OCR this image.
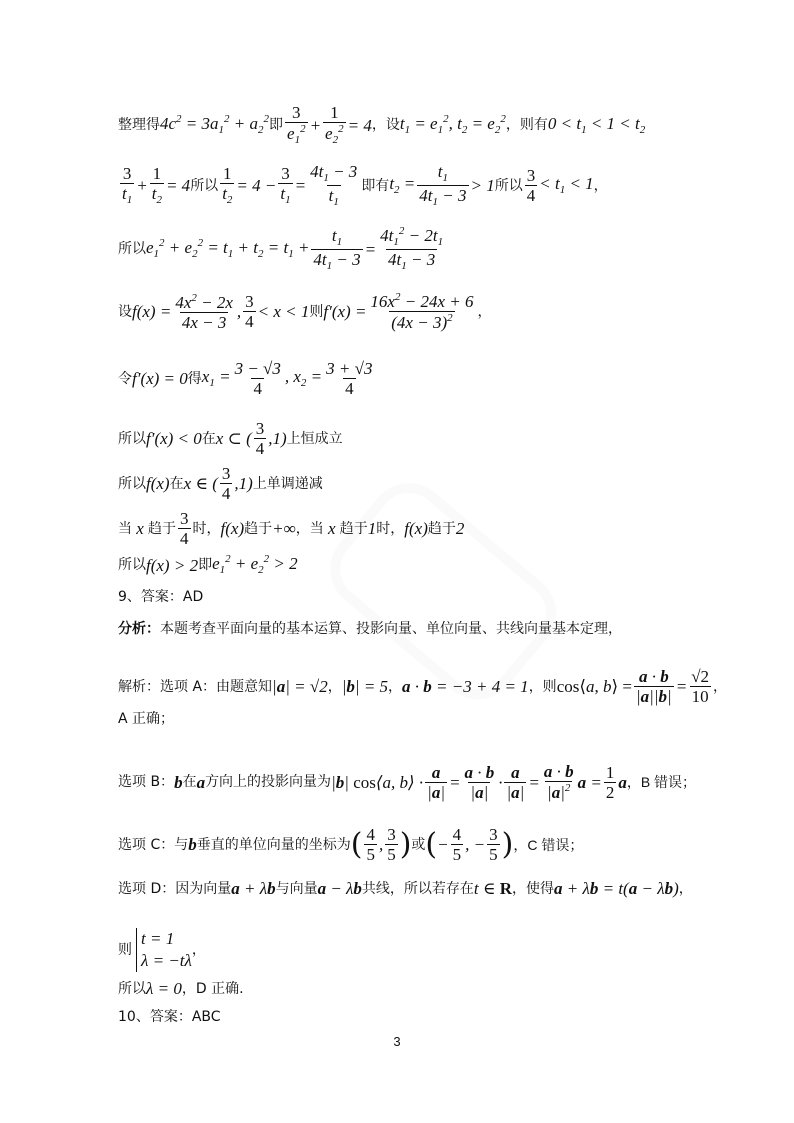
整理得 $4c^2 = 3a_1^2 + a_2^2$ 即 $\frac{3}{e_1^2} + \frac{1}{e_2^2} = 4$ ，设 $t_1 = e_1^2$, $t_2 = e_2^2$ ，则有 $0 < t_1 < 1 < t_2$
$\frac{3}{t_1} + \frac{1}{t_2} = 4$ 所以 $\frac{1}{t_2} = 4 - \frac{3}{t_1} = \frac{4t_1 - 3}{t_1}$ 即有 $t_2 = \frac{t_1}{4t_1 - 3} > 1$ 所以 $\frac{3}{4} < t_1 < 1$ ，
所以 $e_1^2 + e_2^2 = t_1 + t_2 = t_1 + \frac{t_1}{4t_1 - 3} = \frac{4t_1^2 - 2t_1}{4t_1 - 3}$
设 $f(x) = \frac{4x^2 - 2x}{4x - 3}$ , $\frac{3}{4} < x < 1$ 则 $f'(x) = \frac{16x^2 - 24x + 6}{(4x - 3)^2}$ ，
令 f′(x) = 0 得 $x_1 = \frac{3 - √3}{4}$ , $x_2 = \frac{3 + √3}{4}$
所以 f′(x) < 0 在 x ⊂ ( $\frac{3}{4} ,1$) 上恒成立
所以 f(x) 在 x ∈ ( $\frac{3}{4} ,1$) 上单调递减
当 x 趋于 $\frac{3}{4}$ 时， f(x) 趋于 +∞ ，当 x 趋于 1 时， f(x) 趋于 2
所以 f(x) > 2 即 $e_1^2 + e_2^2 > 2$
9、答案：AD
分析： 本题考查平面向量的基本运算、投影向量、单位向量、共线向量基本定理，
解析：选项 A：由题意知 |a| = √2 ， |b| = 5 ， a · b = −3 + 4 = 1 ，则 cos⟨a, b⟩ = $\frac{a \cdot b}{|a||b|} = \frac{√2}{10}$ ，
A 正确；
选项 B： b 在 a 方向上的投影向量为 |b| cos⟨a, b⟩ · $\frac{a}{|a|} = \frac{a \cdot b}{|a|} \cdot \frac{a}{|a|} = \frac{a \cdot b}{|a|^2}$ $a = \frac{1}{2}$ a ，B 错误；
选项 C：与 b 垂直的单位向量的坐标为 ( $\frac{4}{5}$ , $\frac{3}{5}$ ) 或 ( − $\frac{4}{5}$ , − $\frac{3}{5}$ ) ，C 错误；
选项 D：因为向量 a + λb 与向量 a − λb 共线，所以若存在 t ∈ R ，使得 a + λb = t(a − λb) ，
则
t = 1
λ = −tλ
，
所以 λ = 0 ，D 正确.
10、答案：ABC
3
